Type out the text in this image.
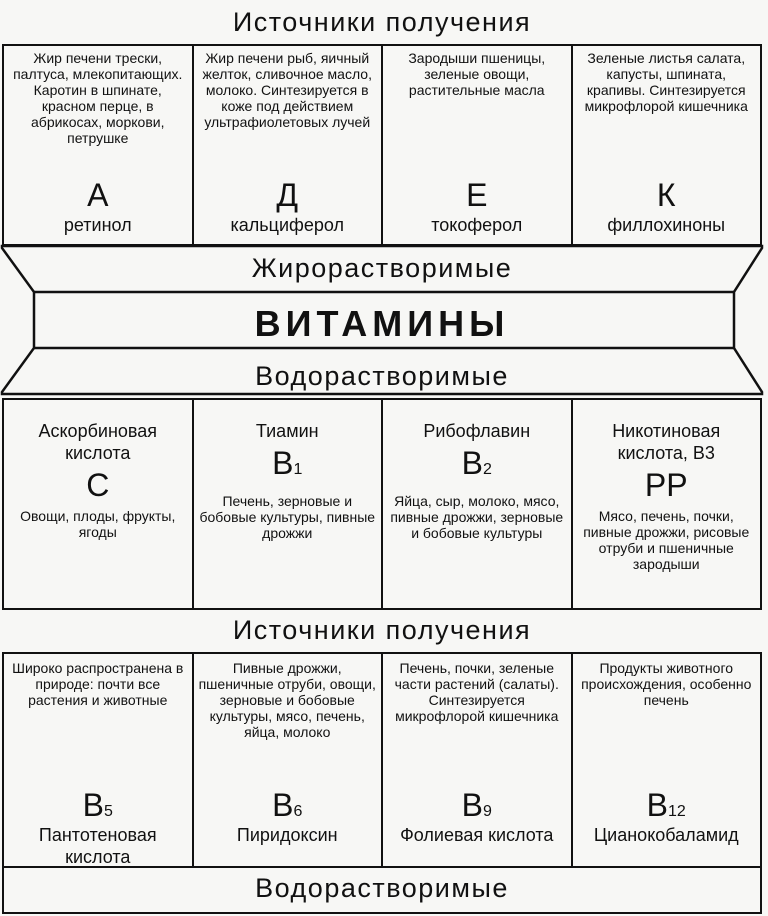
Источники получения
Жир печени трески, палтуса, млекопитающих. Каротин в шпинате, красном перце, в абрикосах, моркови, петрушке
А
ретинол
Жир печени рыб, яичный желток, сливочное масло, молоко. Синтезируется в коже под действием ультрафиолетовых лучей
Д
кальциферол
Зародыши пшеницы, зеленые овощи, растительные масла
Е
токоферол
Зеленые листья салата, капусты, шпината, крапивы. Синтезируется микрофлорой кишечника
К
филлохиноны
Жирорастворимые
ВИТАМИНЫ
Водорастворимые
Аскорбиновая кислота
С
Овощи, плоды, фрукты, ягоды
Тиамин
В1
Печень, зерновые и бобовые культуры, пивные дрожжи
Рибофлавин
В2
Яйца, сыр, молоко, мясо, пивные дрожжи, зерновые и бобовые культуры
Никотиновая кислота, В3
РР
Мясо, печень, почки, пивные дрожжи, рисовые отруби и пшеничные зародыши
Источники получения
Широко распространена в природе: почти все растения и животные
В5
Пантотеновая кислота
Пивные дрожжи, пшеничные отруби, овощи, зерновые и бобовые культуры, мясо, печень, яйца, молоко
В6
Пиридоксин
Печень, почки, зеленые части растений (салаты). Синтезируется микрофлорой кишечника
В9
Фолиевая кислота
Продукты животного происхождения, особенно печень
В12
Цианокобаламид
Водорастворимые
